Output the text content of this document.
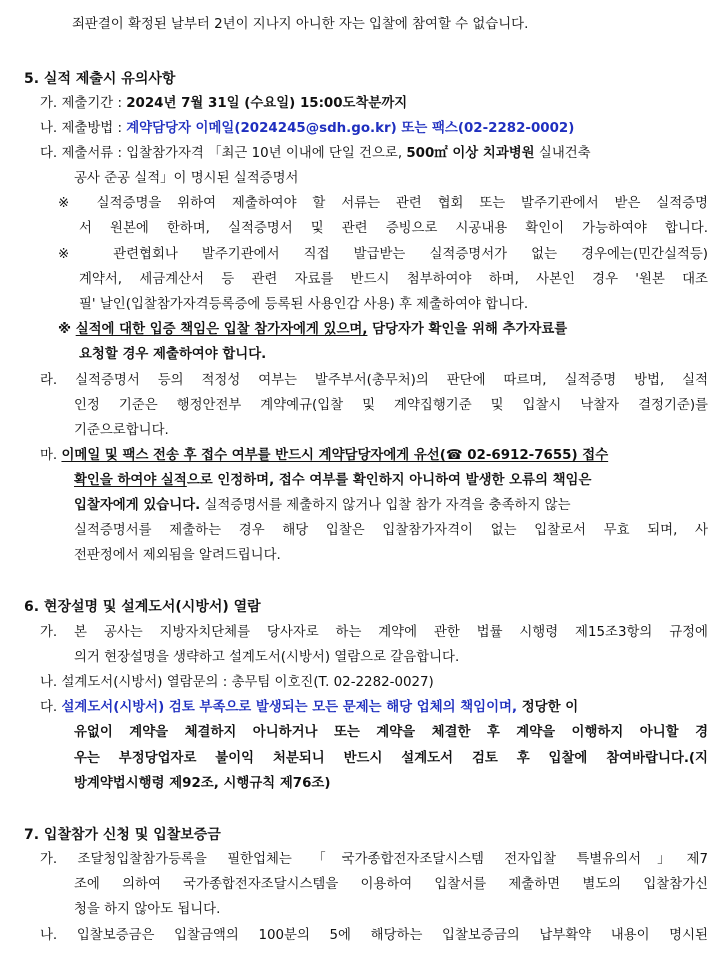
죄판결이 확정된 날부터 2년이 지나지 아니한 자는 입찰에 참여할 수 없습니다.
5. 실적 제출시 유의사항
가. 제출기간 : 2024년 7월 31일 (수요일) 15:00도착분까지
나. 제출방법 : 계약담당자 이메일(2024245@sdh.go.kr) 또는 팩스(02-2282-0002)
다. 제출서류 : 입찰참가자격 「최근 10년 이내에 단일 건으로, 500㎡ 이상 치과병원 실내건축
공사 준공 실적」이 명시된 실적증명서
※ 실적증명을 위하여 제출하여야 할 서류는 관련 협회 또는 발주기관에서 받은 실적증명
서 원본에 한하며, 실적증명서 및 관련 증빙으로 시공내용 확인이 가능하여야 합니다.
※ 관련협회나 발주기관에서 직접 발급받는 실적증명서가 없는 경우에는(민간실적등)
계약서, 세금계산서 등 관련 자료를 반드시 첨부하여야 하며, 사본인 경우 '원본 대조
필' 날인(입찰참가자격등록증에 등록된 사용인감 사용) 후 제출하여야 합니다.
※ 실적에 대한 입증 책임은 입찰 참가자에게 있으며, 담당자가 확인을 위해 추가자료를
요청할 경우 제출하여야 합니다.
라. 실적증명서 등의 적정성 여부는 발주부서(총무처)의 판단에 따르며, 실적증명 방법, 실적
인정 기준은 행정안전부 계약예규(입찰 및 계약집행기준 및 입찰시 낙찰자 결정기준)를
기준으로합니다.
마. 이메일 및 팩스 전송 후 접수 여부를 반드시 계약담당자에게 유선(☎ 02-6912-7655) 접수
확인을 하여야 실적으로 인정하며, 접수 여부를 확인하지 아니하여 발생한 오류의 책임은
입찰자에게 있습니다. 실적증명서를 제출하지 않거나 입찰 참가 자격을 충족하지 않는
실적증명서를 제출하는 경우 해당 입찰은 입찰참가자격이 없는 입찰로서 무효 되며, 사
전판정에서 제외됨을 알려드립니다.
6. 현장설명 및 설계도서(시방서) 열람
가. 본 공사는 지방자치단체를 당사자로 하는 계약에 관한 법률 시행령 제15조3항의 규정에
의거 현장설명을 생략하고 설계도서(시방서) 열람으로 갈음합니다.
나. 설계도서(시방서) 열람문의 : 총무팀 이호진(T. 02-2282-0027)
다. 설계도서(시방서) 검토 부족으로 발생되는 모든 문제는 해당 업체의 책임이며, 정당한 이
유없이 계약을 체결하지 아니하거나 또는 계약을 체결한 후 계약을 이행하지 아니할 경
우는 부정당업자로 불이익 처분되니 반드시 설계도서 검토 후 입찰에 참여바랍니다.(지
방계약법시행령 제92조, 시행규칙 제76조)
7. 입찰참가 신청 및 입찰보증금
가. 조달청입찰참가등록을 필한업체는 「국가종합전자조달시스템 전자입찰 특별유의서」제7
조에 의하여 국가종합전자조달시스템을 이용하여 입찰서를 제출하면 별도의 입찰참가신
청을 하지 않아도 됩니다.
나. 입찰보증금은 입찰금액의 100분의 5에 해당하는 입찰보증금의 납부확약 내용이 명시된
